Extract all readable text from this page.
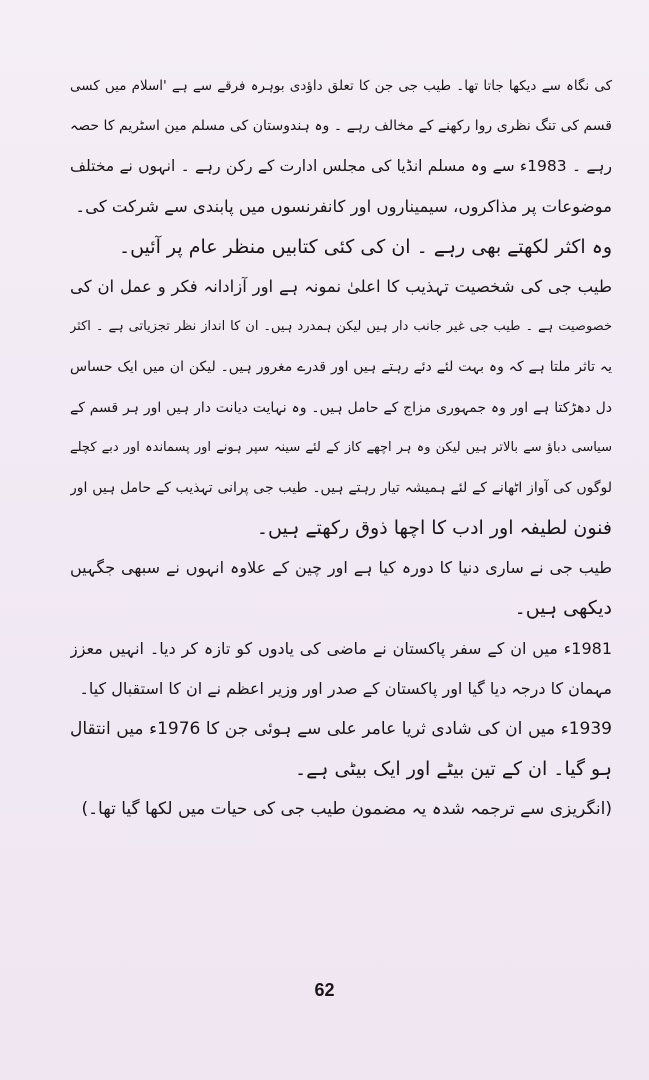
کی نگاہ سے دیکھا جاتا تھا۔ طیب جی جن کا تعلق داؤدی بوہرہ فرقے سے ہے 'اسلام میں کسی
قسم کی تنگ نظری روا رکھنے کے مخالف رہے ۔ وہ ہندوستان کی مسلم مین اسٹریم کا حصہ
رہے ۔ 1983ء سے وہ مسلم انڈیا کی مجلس ادارت کے رکن رہے ۔ انہوں نے مختلف
موضوعات پر مذاکروں، سیمیناروں اور کانفرنسوں میں پابندی سے شرکت کی۔
وہ اکثر لکھتے بھی رہے ۔ ان کی کئی کتابیں منظر عام پر آئیں۔
طیب جی کی شخصیت تہذیب کا اعلیٰ نمونہ ہے اور آزادانہ فکر و عمل ان کی
خصوصیت ہے ۔ طیب جی غیر جانب دار ہیں لیکن ہمدرد ہیں۔ ان کا انداز نظر تجزیاتی ہے ۔ اکثر
یہ تاثر ملتا ہے کہ وہ بہت لئے دئے رہتے ہیں اور قدرے مغرور ہیں۔ لیکن ان میں ایک حساس
دل دھڑکتا ہے اور وہ جمہوری مزاج کے حامل ہیں۔ وہ نہایت دیانت دار ہیں اور ہر قسم کے
سیاسی دباؤ سے بالاتر ہیں لیکن وہ ہر اچھے کاز کے لئے سینہ سپر ہونے اور پسماندہ اور دبے کچلے
لوگوں کی آواز اٹھانے کے لئے ہمیشہ تیار رہتے ہیں۔ طیب جی پرانی تہذیب کے حامل ہیں اور
فنون لطیفہ اور ادب کا اچھا ذوق رکھتے ہیں۔
طیب جی نے ساری دنیا کا دورہ کیا ہے اور چین کے علاوہ انہوں نے سبھی جگہیں
دیکھی ہیں۔
1981ء میں ان کے سفر پاکستان نے ماضی کی یادوں کو تازہ کر دیا۔ انہیں معزز
مہمان کا درجہ دیا گیا اور پاکستان کے صدر اور وزیر اعظم نے ان کا استقبال کیا۔
1939ء میں ان کی شادی ثریا عامر علی سے ہوئی جن کا 1976ء میں انتقال
ہو گیا۔ ان کے تین بیٹے اور ایک بیٹی ہے۔
(انگریزی سے ترجمہ شدہ یہ مضمون طیب جی کی حیات میں لکھا گیا تھا۔)
62
